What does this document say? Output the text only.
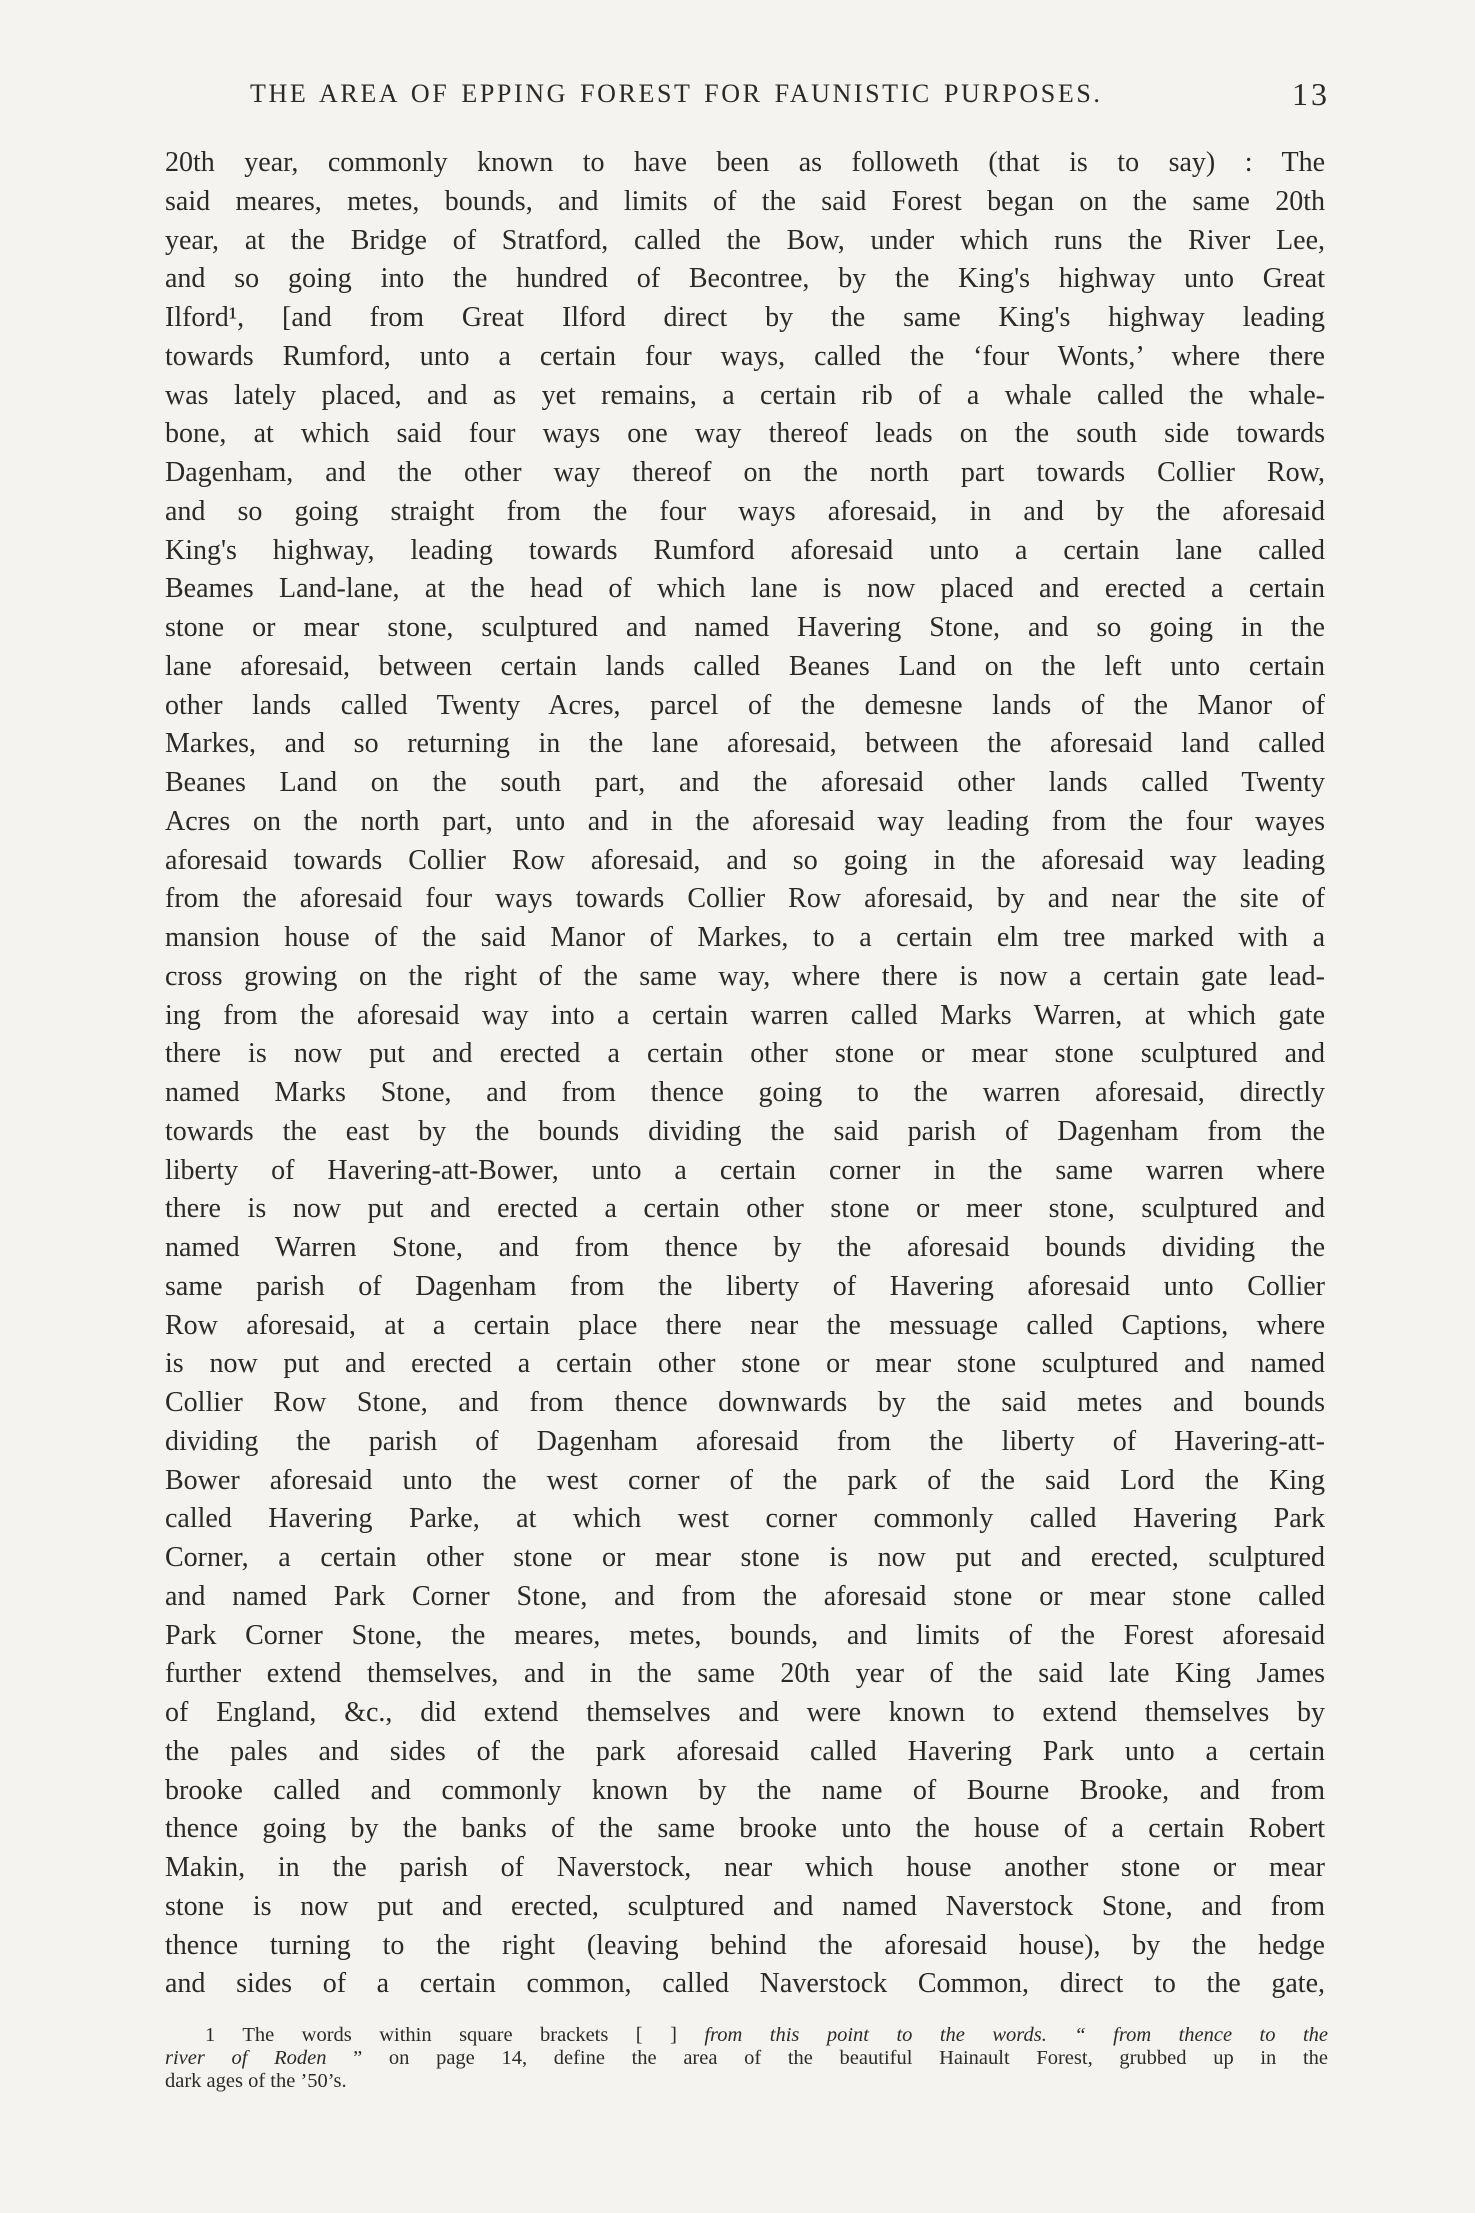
THE AREA OF EPPING FOREST FOR FAUNISTIC PURPOSES.	13
20th year, commonly known to have been as followeth (that is to say) : The
said meares, metes, bounds, and limits of the said Forest began on the same 20th
year, at the Bridge of Stratford, called the Bow, under which runs the River Lee,
and so going into the hundred of Becontree, by the King's highway unto Great
Ilford¹, [and from Great Ilford direct by the same King's highway leading
towards Rumford, unto a certain four ways, called the ‘four Wonts,’ where there
was lately placed, and as yet remains, a certain rib of a whale called the whale-
bone, at which said four ways one way thereof leads on the south side towards
Dagenham, and the other way thereof on the north part towards Collier Row,
and so going straight from the four ways aforesaid, in and by the aforesaid
King's highway, leading towards Rumford aforesaid unto a certain lane called
Beames Land-lane, at the head of which lane is now placed and erected a certain
stone or mear stone, sculptured and named Havering Stone, and so going in the
lane aforesaid, between certain lands called Beanes Land on the left unto certain
other lands called Twenty Acres, parcel of the demesne lands of the Manor of
Markes, and so returning in the lane aforesaid, between the aforesaid land called
Beanes Land on the south part, and the aforesaid other lands called Twenty
Acres on the north part, unto and in the aforesaid way leading from the four wayes
aforesaid towards Collier Row aforesaid, and so going in the aforesaid way leading
from the aforesaid four ways towards Collier Row aforesaid, by and near the site of
mansion house of the said Manor of Markes, to a certain elm tree marked with a
cross growing on the right of the same way, where there is now a certain gate lead-
ing from the aforesaid way into a certain warren called Marks Warren, at which gate
there is now put and erected a certain other stone or mear stone sculptured and
named Marks Stone, and from thence going to the warren aforesaid, directly
towards the east by the bounds dividing the said parish of Dagenham from the
liberty of Havering-att-Bower, unto a certain corner in the same warren where
there is now put and erected a certain other stone or meer stone, sculptured and
named Warren Stone, and from thence by the aforesaid bounds dividing the
same parish of Dagenham from the liberty of Havering aforesaid unto Collier
Row aforesaid, at a certain place there near the messuage called Captions, where
is now put and erected a certain other stone or mear stone sculptured and named
Collier Row Stone, and from thence downwards by the said metes and bounds
dividing the parish of Dagenham aforesaid from the liberty of Havering-att-
Bower aforesaid unto the west corner of the park of the said Lord the King
called Havering Parke, at which west corner commonly called Havering Park
Corner, a certain other stone or mear stone is now put and erected, sculptured
and named Park Corner Stone, and from the aforesaid stone or mear stone called
Park Corner Stone, the meares, metes, bounds, and limits of the Forest aforesaid
further extend themselves, and in the same 20th year of the said late King James
of England, &c., did extend themselves and were known to extend themselves by
the pales and sides of the park aforesaid called Havering Park unto a certain
brooke called and commonly known by the name of Bourne Brooke, and from
thence going by the banks of the same brooke unto the house of a certain Robert
Makin, in the parish of Naverstock, near which house another stone or mear
stone is now put and erected, sculptured and named Naverstock Stone, and from
thence turning to the right (leaving behind the aforesaid house), by the hedge
and sides of a certain common, called Naverstock Common, direct to the gate,
1 The words within square brackets [ ] from this point to the words. “ from thence to the
river of Roden ” on page 14, define the area of the beautiful Hainault Forest, grubbed up in the
dark ages of the ’50’s.
